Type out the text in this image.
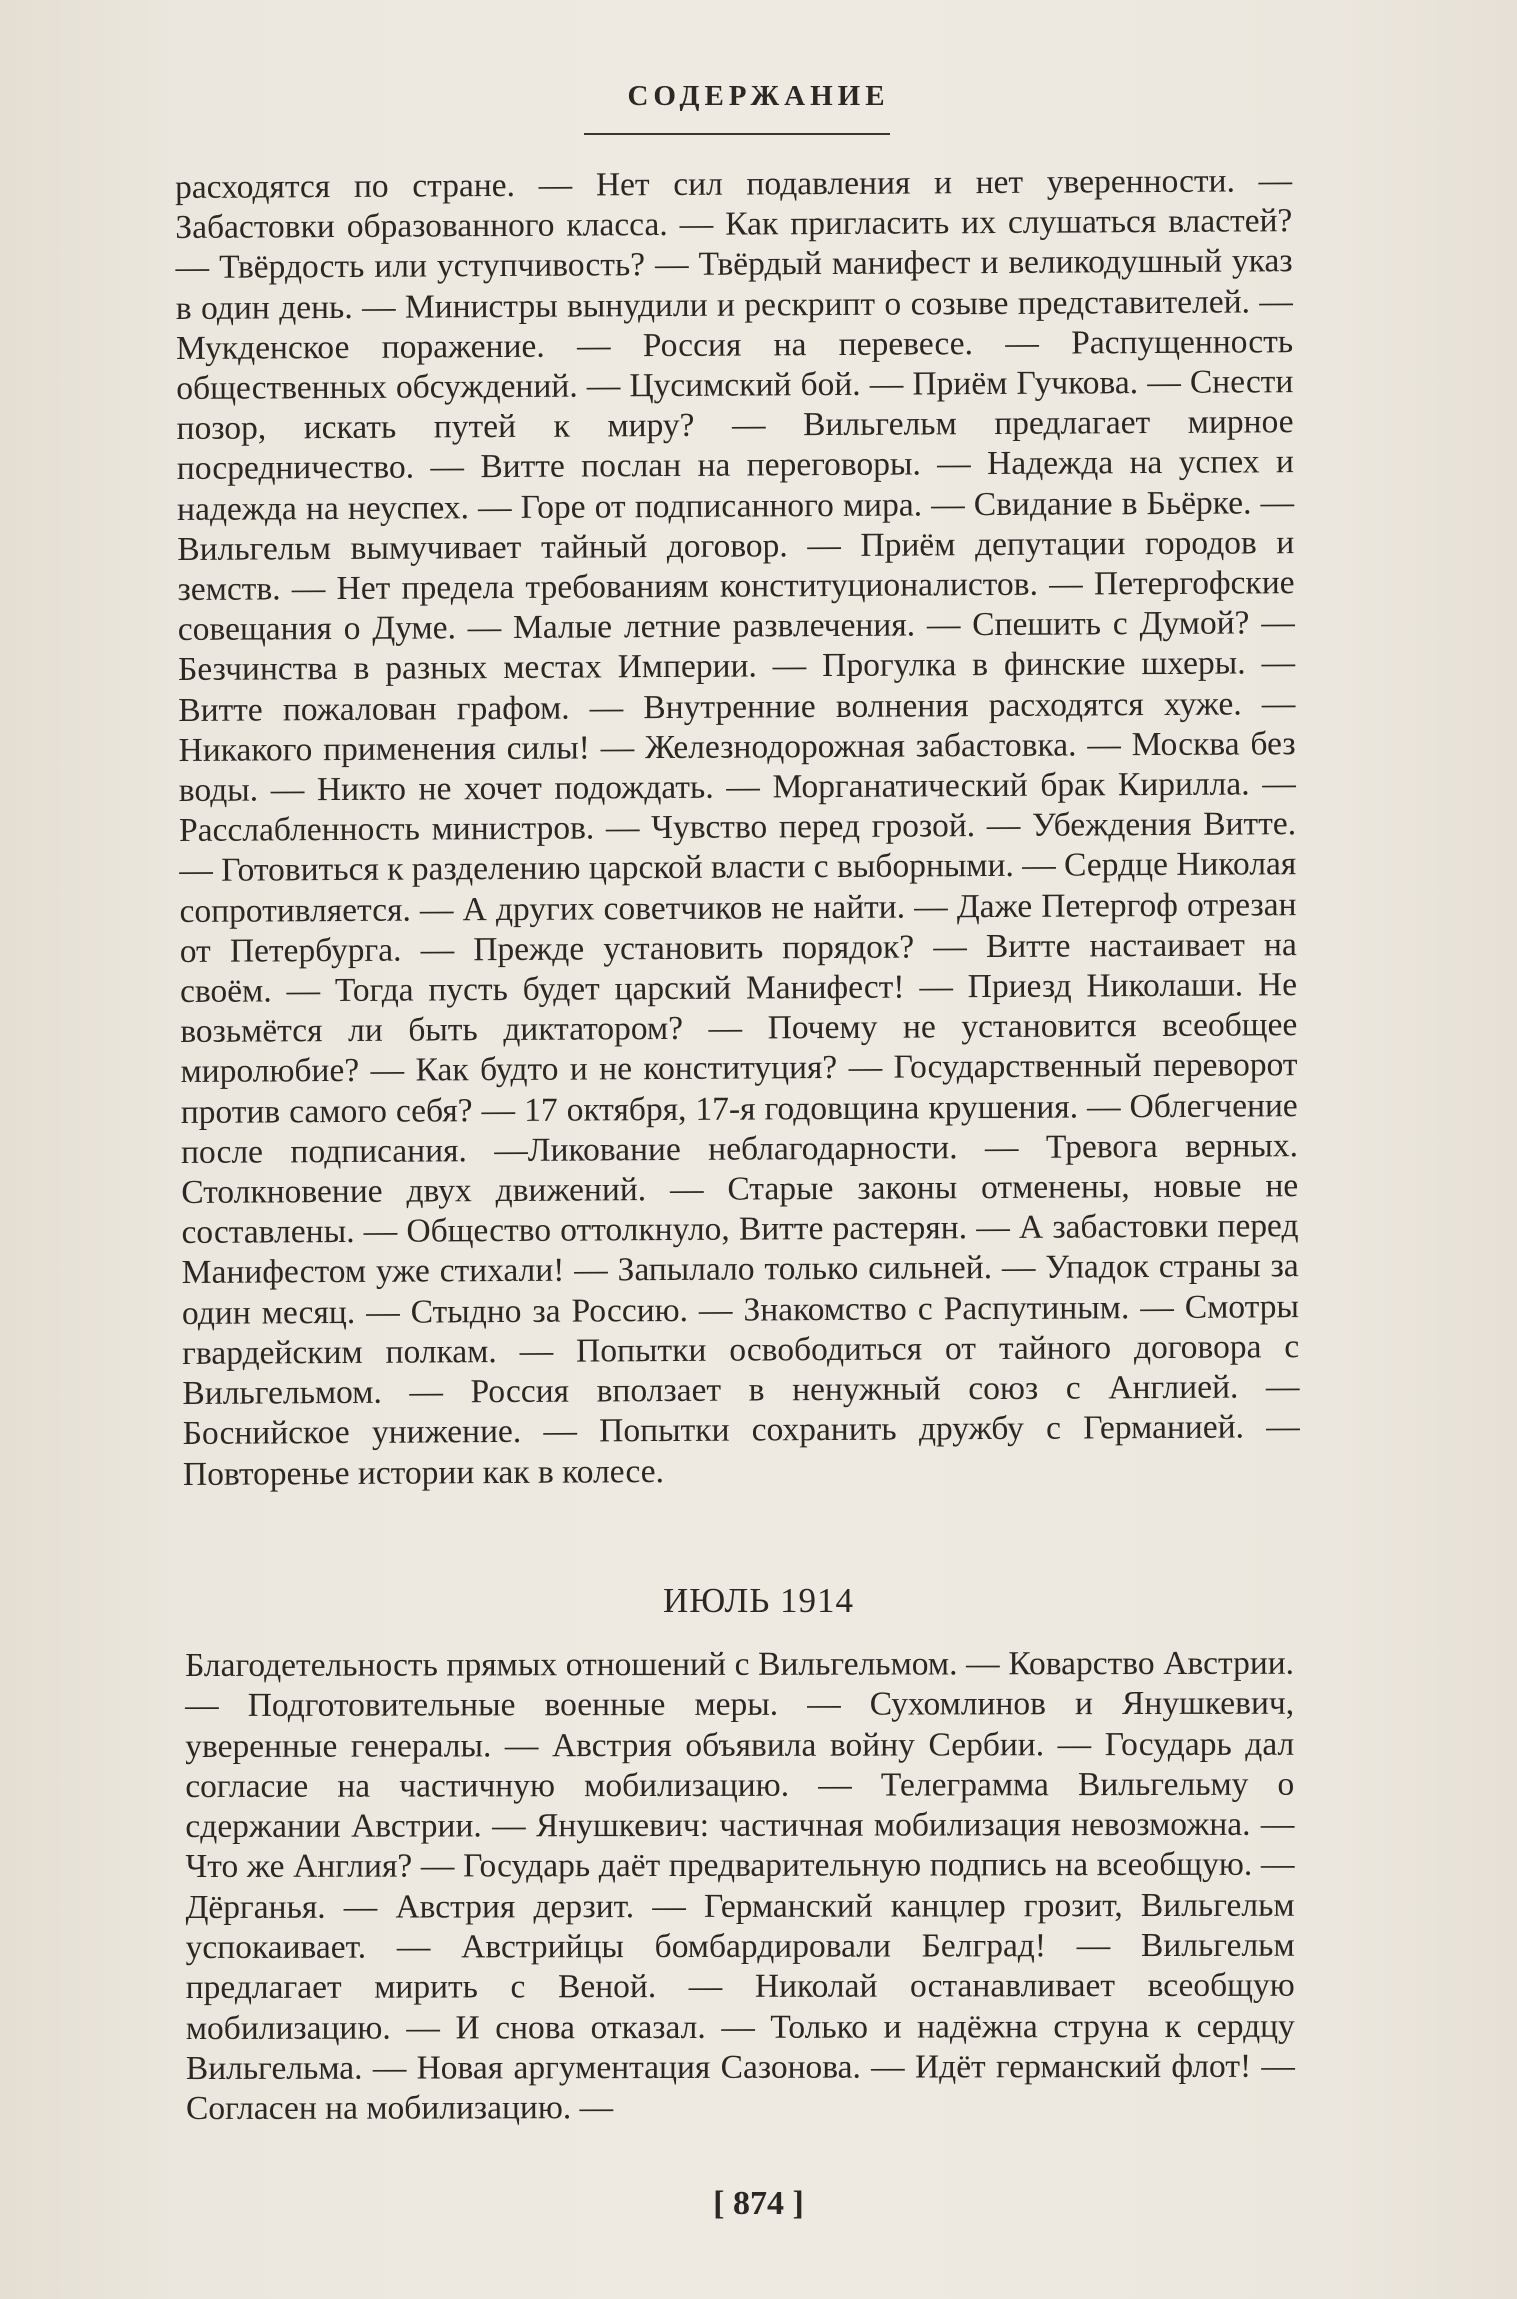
СОДЕРЖАНИЕ

расходятся по стране. — Нет сил подавления и нет уверенности. — Забастовки образованного класса. — Как пригласить их слушаться властей? — Твёрдость или уступчивость? — Твёрдый манифест и великодушный указ в один день. — Министры вынудили и рескрипт о созыве представителей. — Мукденское поражение. — Россия на перевесе. — Распущенность общественных обсуждений. — Цусимский бой. — Приём Гучкова. — Снести позор, искать путей к миру? — Вильгельм предлагает мирное посредничество. — Витте послан на переговоры. — Надежда на успех и надежда на неуспех. — Горе от подписанного мира. — Свидание в Бьёрке. — Вильгельм вымучивает тайный договор. — Приём депутации городов и земств. — Нет предела требованиям конституционалистов. — Петергофские совещания о Думе. — Малые летние развлечения. — Спешить с Думой? — Безчинства в разных местах Империи. — Прогулка в финские шхеры. — Витте пожалован графом. — Внутренние волнения расходятся хуже. — Никакого применения силы! — Железнодорожная забастовка. — Москва без воды. — Никто не хочет подождать. — Морганатический брак Кирилла. — Расслабленность министров. — Чувство перед грозой. — Убеждения Витте. — Готовиться к разделению царской власти с выборными. — Сердце Николая сопротивляется. — А других советчиков не найти. — Даже Петергоф отрезан от Петербурга. — Прежде установить порядок? — Витте настаивает на своём. — Тогда пусть будет царский Манифест! — Приезд Николаши. Не возьмётся ли быть диктатором? — Почему не установится всеобщее миролюбие? — Как будто и не конституция? — Государственный переворот против самого себя? — 17 октября, 17-я годовщина крушения. — Облегчение после подписания. —Ликование неблагодарности. — Тревога верных. Столкновение двух движений. — Старые законы отменены, новые не составлены. — Общество оттолкнуло, Витте растерян. — А забастовки перед Манифестом уже стихали! — Запылало только сильней. — Упадок страны за один месяц. — Стыдно за Россию. — Знакомство с Распутиным. — Смотры гвардейским полкам. — Попытки освободиться от тайного договора с Вильгельмом. — Россия вползает в ненужный союз с Англией. — Боснийское унижение. — Попытки сохранить дружбу с Германией. — Повторенье истории как в колесе.

ИЮЛЬ 1914

Благодетельность прямых отношений с Вильгельмом. — Коварство Австрии. — Подготовительные военные меры. — Сухомлинов и Янушкевич, уверенные генералы. — Австрия объявила войну Сербии. — Государь дал согласие на частичную мобилизацию. — Телеграмма Вильгельму о сдержании Австрии. — Янушкевич: частичная мобилизация невозможна. — Что же Англия? — Государь даёт предварительную подпись на всеобщую. — Дёрганья. — Австрия дерзит. — Германский канцлер грозит, Вильгельм успокаивает. — Австрийцы бомбардировали Белград! — Вильгельм предлагает мирить с Веной. — Николай останавливает всеобщую мобилизацию. — И снова отказал. — Только и надёжна струна к сердцу Вильгельма. — Новая аргументация Сазонова. — Идёт германский флот! — Согласен на мобилизацию. —

[ 874 ]
